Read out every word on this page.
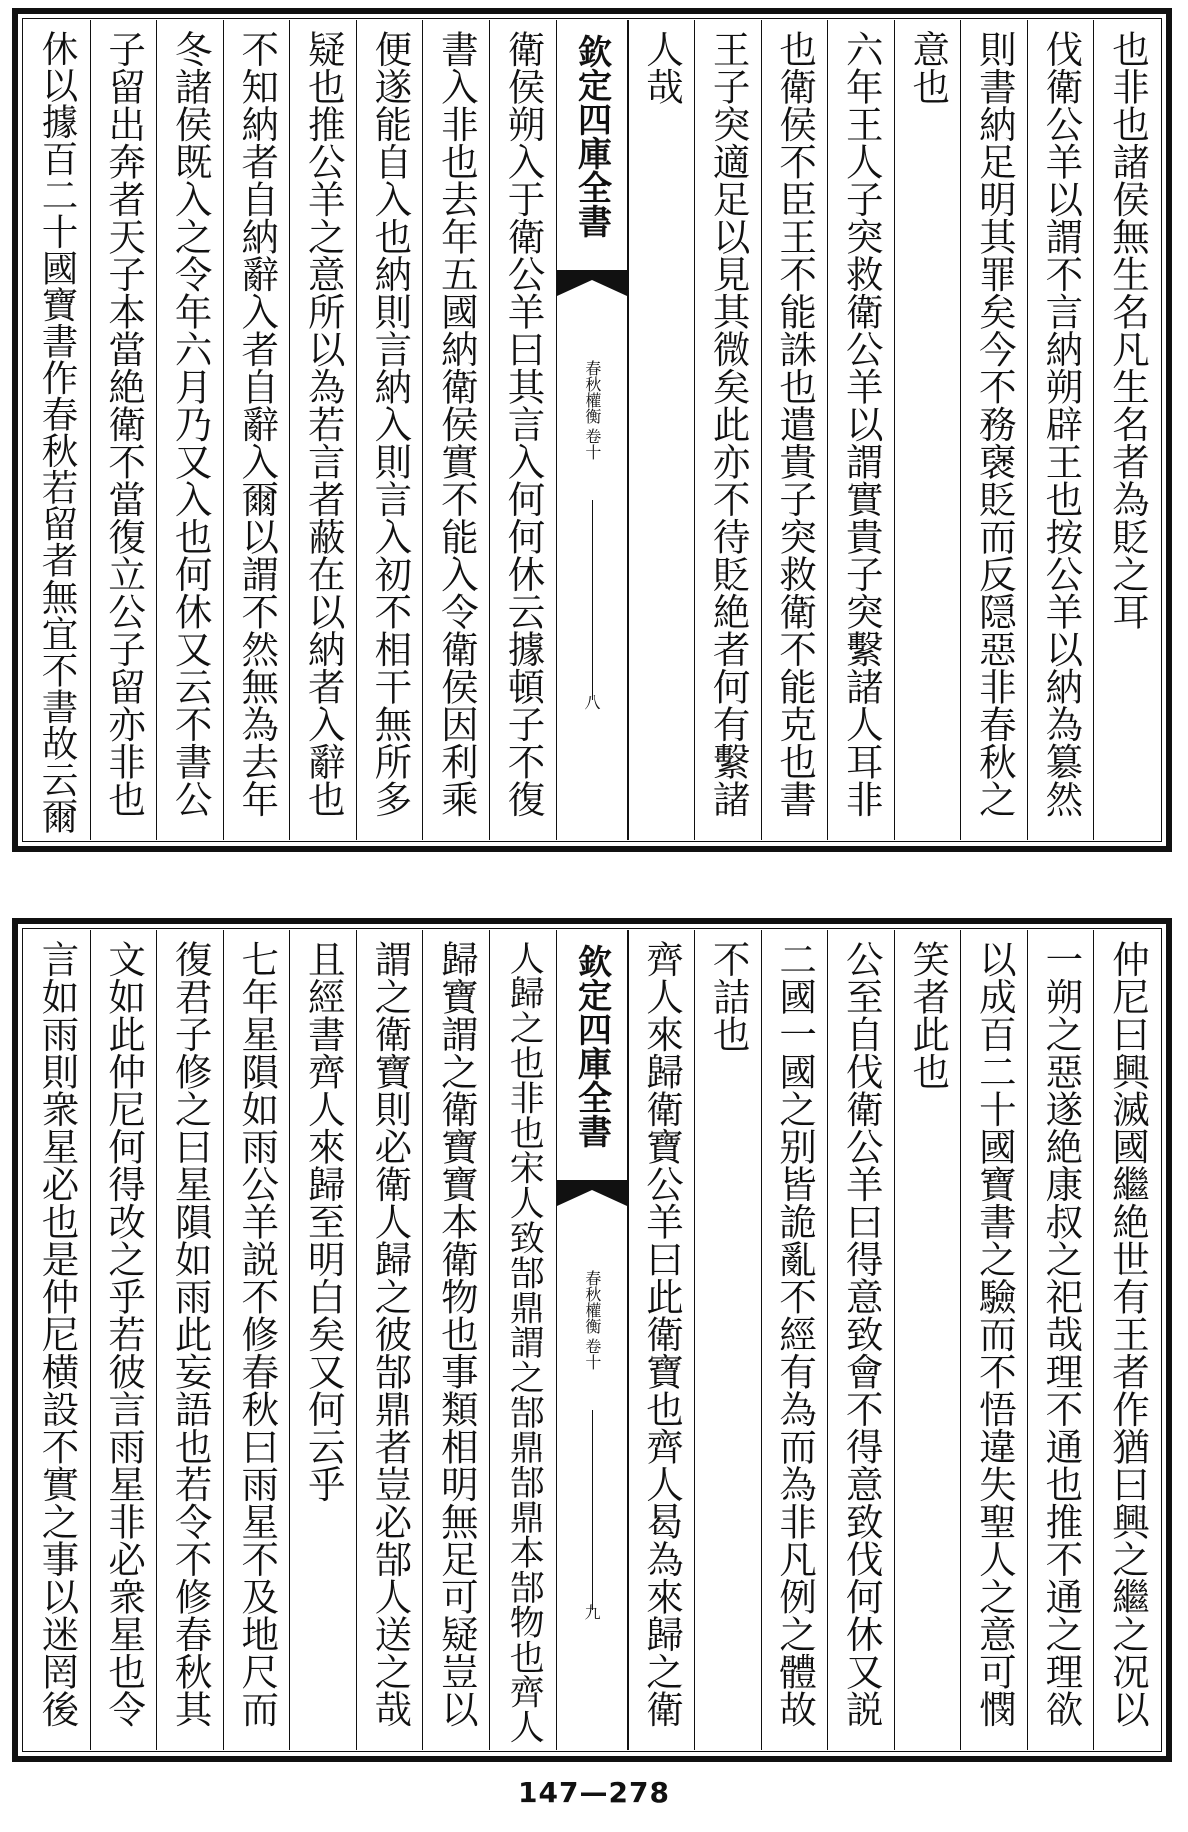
也非也諸侯無生名凡生名者為貶之耳
伐衛公羊以謂不言納朔辟王也按公羊以納為簒然
則書納足明其罪矣今不務襃貶而反隠惡非春秋之
意也
六年王人子突救衛公羊以謂實貴子突繫諸人耳非
也衛侯不臣王不能誅也遣貴子突救衛不能克也書
王子突適足以見其微矣此亦不待貶絶者何有繫諸
人哉
欽定四庫全書
春秋權衡
卷十
八
衛侯朔入于衛公羊曰其言入何何休云據頓子不復
書入非也去年五國納衛侯實不能入令衛侯因利乘
便遂能自入也納則言納入則言入初不相干無所多
疑也推公羊之意所以為若言者蔽在以納者入辭也
不知納者自納辭入者自辭入爾以謂不然無為去年
冬諸侯既入之令年六月乃又入也何休又云不書公
子留出奔者天子本當絶衛不當復立公子留亦非也
休以據百二十國寶書作春秋若留者無宜不書故云爾
仲尼曰興滅國繼絶世有王者作猶曰興之繼之况以
一朔之惡遂絶康叔之祀哉理不通也推不通之理欲
以成百二十國寶書之驗而不悟違失聖人之意可憫
笑者此也
公至自伐衛公羊曰得意致會不得意致伐何休又説
二國一國之别皆詭亂不經有為而為非凡例之體故
不詰也
齊人來歸衛寶公羊曰此衛寶也齊人曷為來歸之衛
欽定四庫全書
春秋權衡
卷十
九
人歸之也非也宋人致郜鼎謂之郜鼎郜鼎本郜物也齊人
歸寶謂之衛寶寶本衛物也事類相明無足可疑豈以
謂之衛寶則必衛人歸之彼郜鼎者豈必郜人送之哉
且經書齊人來歸至明白矣又何云乎
七年星隕如雨公羊説不修春秋曰雨星不及地尺而
復君子修之曰星隕如雨此妄語也若令不修春秋其
文如此仲尼何得改之乎若彼言雨星非必衆星也令
言如雨則衆星必也是仲尼横設不實之事以迷罔後
147—278
